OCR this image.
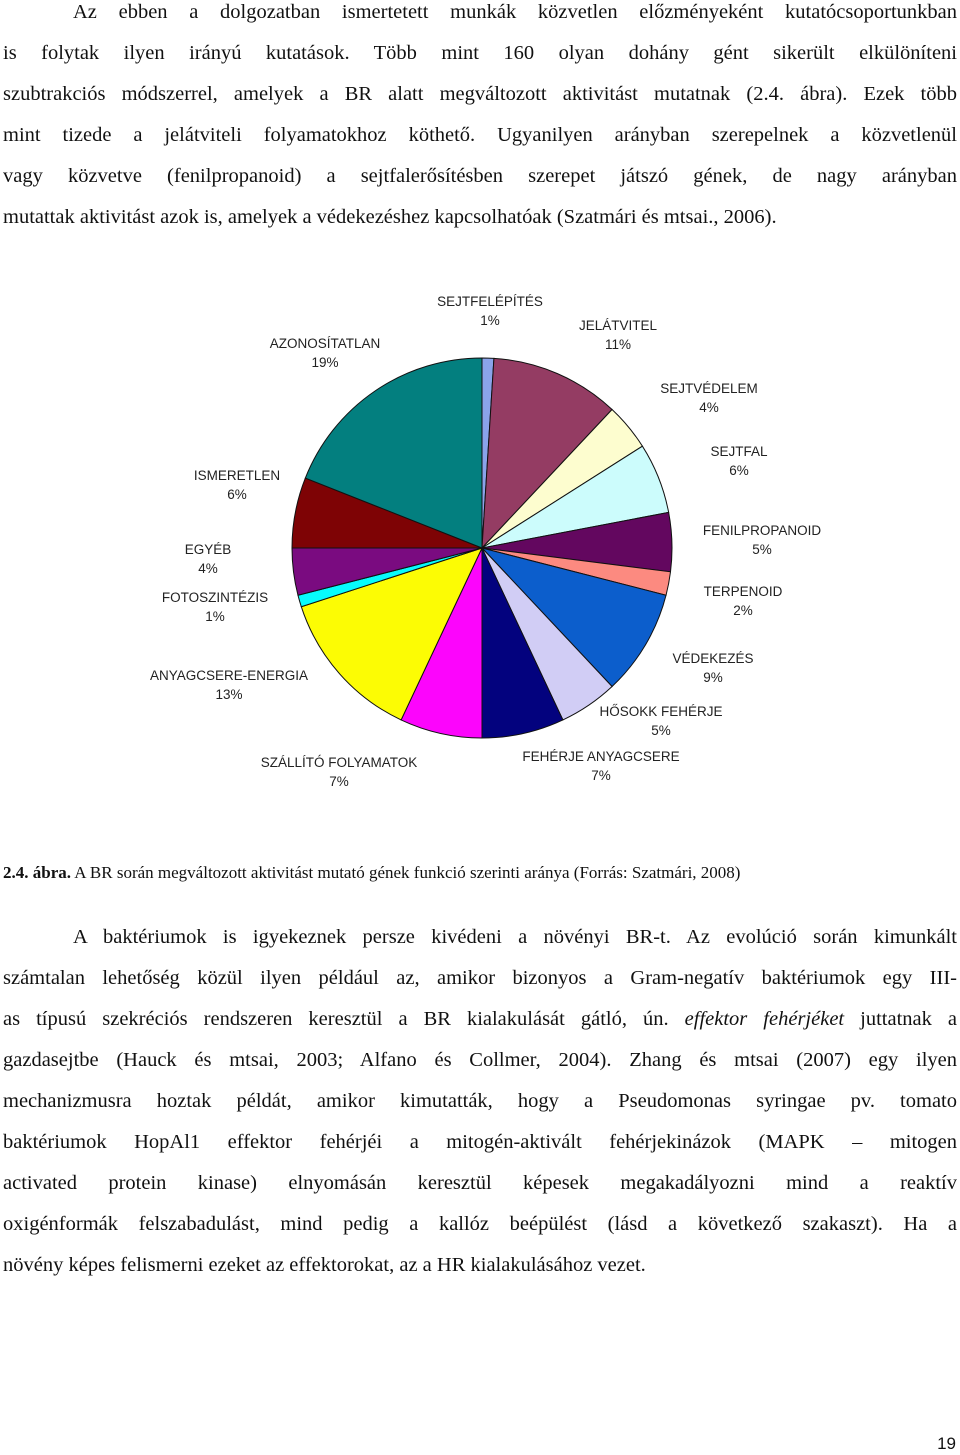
Az ebben a dolgozatban ismertetett munkák közvetlen előzményeként kutatócsoportunkban
is folytak ilyen irányú kutatások. Több mint 160 olyan dohány gént sikerült elkülöníteni
szubtrakciós módszerrel, amelyek a BR alatt megváltozott aktivitást mutatnak (2.4. ábra). Ezek több
mint tizede a jelátviteli folyamatokhoz köthető. Ugyanilyen arányban szerepelnek a közvetlenül
vagy közvetve (fenilpropanoid) a sejtfalerősítésben szerepet játszó gének, de nagy arányban
mutattak aktivitást azok is, amelyek a védekezéshez kapcsolhatóak (Szatmári és mtsai., 2006).
SEJTFELÉPÍTÉS
1%	JELÁTVITEL
11%
SEJTVÉDELEM
4%
SEJTFAL
6%
FENILPROPANOID
5%
TERPENOID
2%
VÉDEKEZÉS
9%
HŐSOKK FEHÉRJE
5%
FEHÉRJE ANYAGCSERE
7%
SZÁLLÍTÓ FOLYAMATOK
7%
ANYAGCSERE-ENERGIA
13%
FOTOSZINTÉZIS
1%
EGYÉB
4%
ISMERETLEN
6%
AZONOSÍTATLAN
19%
2.4. ábra. A BR során megváltozott aktivitást mutató gének funkció szerinti aránya (Forrás: Szatmári, 2008)
A baktériumok is igyekeznek persze kivédeni a növényi BR-t. Az evolúció során kimunkált
számtalan lehetőség közül ilyen például az, amikor bizonyos a Gram-negatív baktériumok egy III-
as típusú szekréciós rendszeren keresztül a BR kialakulását gátló, ún. effektor fehérjéket juttatnak a
gazdasejtbe (Hauck és mtsai, 2003; Alfano és Collmer, 2004). Zhang és mtsai (2007) egy ilyen
mechanizmusra hoztak példát, amikor kimutatták, hogy a Pseudomonas syringae pv. tomato
baktériumok HopAl1 effektor fehérjéi a mitogén-aktivált fehérjekinázok (MAPK – mitogen
activated protein kinase) elnyomásán keresztül képesek megakadályozni mind a reaktív
oxigénformák felszabadulást, mind pedig a kallóz beépülést (lásd a következő szakaszt). Ha a
növény képes felismerni ezeket az effektorokat, az a HR kialakulásához vezet.
19
